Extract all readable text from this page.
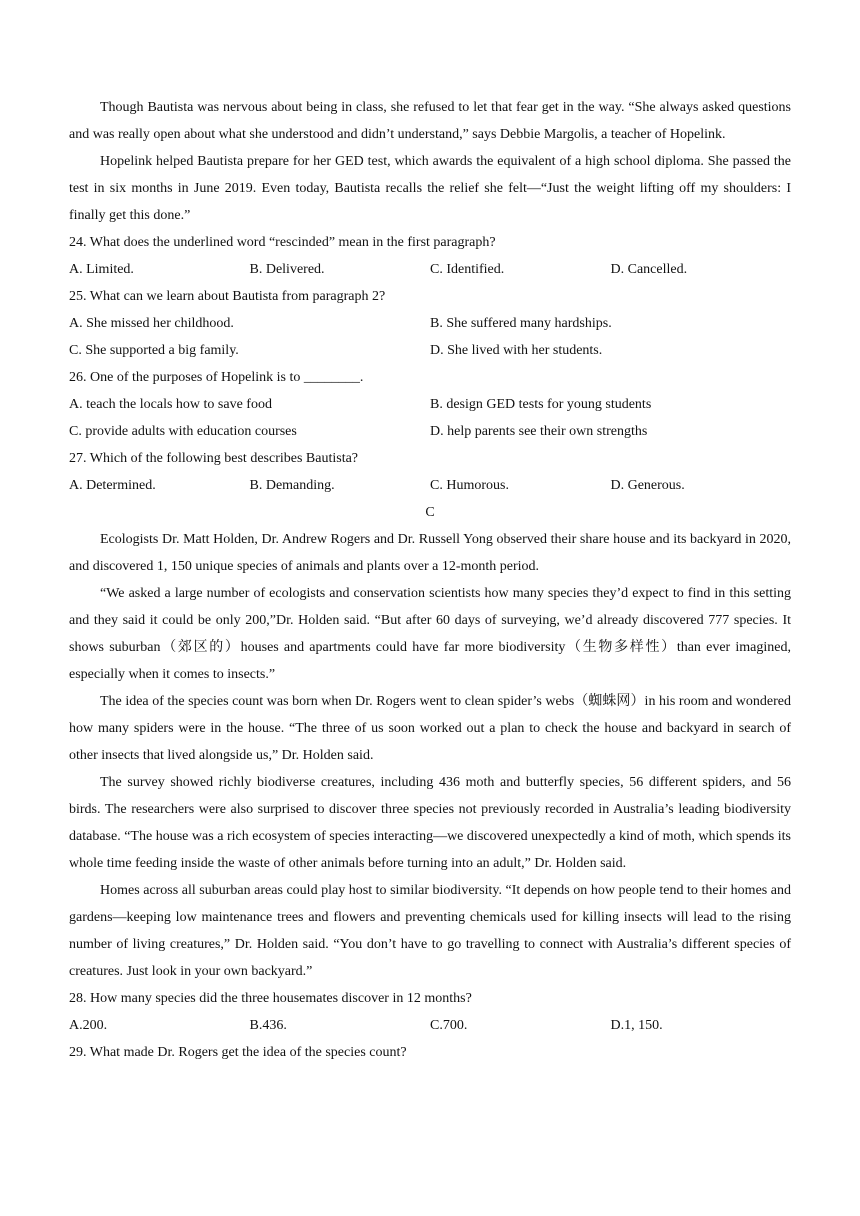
Though Bautista was nervous about being in class, she refused to let that fear get in the way. “She always asked questions and was really open about what she understood and didn’t understand,” says Debbie Margolis, a teacher of Hopelink.

Hopelink helped Bautista prepare for her GED test, which awards the equivalent of a high school diploma. She passed the test in six months in June 2019. Even today, Bautista recalls the relief she felt—“Just the weight lifting off my shoulders: I finally get this done.”

24. What does the underlined word “rescinded” mean in the first paragraph?
A. Limited.	B. Delivered.	C. Identified.	D. Cancelled.
25. What can we learn about Bautista from paragraph 2?
A. She missed her childhood.	B. She suffered many hardships.
C. She supported a big family.	D. She lived with her students.
26. One of the purposes of Hopelink is to ________.
A. teach the locals how to save food	B. design GED tests for young students
C. provide adults with education courses	D. help parents see their own strengths
27. Which of the following best describes Bautista?
A. Determined.	B. Demanding.	C. Humorous.	D. Generous.
C

Ecologists Dr. Matt Holden, Dr. Andrew Rogers and Dr. Russell Yong observed their share house and its backyard in 2020, and discovered 1, 150 unique species of animals and plants over a 12-month period.

“We asked a large number of ecologists and conservation scientists how many species they’d expect to find in this setting and they said it could be only 200,”Dr. Holden said. “But after 60 days of surveying, we’d already discovered 777 species. It shows suburban（郊区的）houses and apartments could have far more biodiversity（生物多样性）than ever imagined, especially when it comes to insects.”

The idea of the species count was born when Dr. Rogers went to clean spider’s webs（蜘蛛网）in his room and wondered how many spiders were in the house. “The three of us soon worked out a plan to check the house and backyard in search of other insects that lived alongside us,” Dr. Holden said.

The survey showed richly biodiverse creatures, including 436 moth and butterfly species, 56 different spiders, and 56 birds. The researchers were also surprised to discover three species not previously recorded in Australia’s leading biodiversity database. “The house was a rich ecosystem of species interacting—we discovered unexpectedly a kind of moth, which spends its whole time feeding inside the waste of other animals before turning into an adult,” Dr. Holden said.

Homes across all suburban areas could play host to similar biodiversity. “It depends on how people tend to their homes and gardens—keeping low maintenance trees and flowers and preventing chemicals used for killing insects will lead to the rising number of living creatures,” Dr. Holden said. “You don’t have to go travelling to connect with Australia’s different species of creatures. Just look in your own backyard.”

28. How many species did the three housemates discover in 12 months?
A.200.	B.436.	C.700.	D.1, 150.
29. What made Dr. Rogers get the idea of the species count?
